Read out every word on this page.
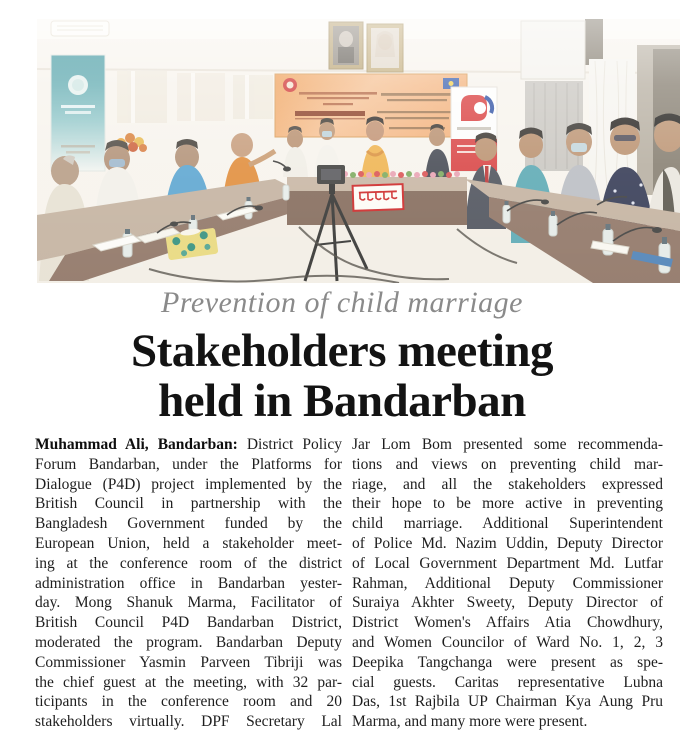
Prevention of child marriage
Stakeholders meeting
held in Bandarban
Muhammad Ali, Bandarban: District Policy
Forum Bandarban, under the Platforms for
Dialogue (P4D) project implemented by the
British Council in partnership with the
Bangladesh Government funded by the
European Union, held a stakeholder meet-
ing at the conference room of the district
administration office in Bandarban yester-
day. Mong Shanuk Marma, Facilitator of
British Council P4D Bandarban District,
moderated the program. Bandarban Deputy
Commissioner Yasmin Parveen Tibriji was
the chief guest at the meeting, with 32 par-
ticipants in the conference room and 20
stakeholders virtually. DPF Secretary Lal
Jar Lom Bom presented some recommenda-
tions and views on preventing child mar-
riage, and all the stakeholders expressed
their hope to be more active in preventing
child marriage. Additional Superintendent
of Police Md. Nazim Uddin, Deputy Director
of Local Government Department Md. Lutfar
Rahman, Additional Deputy Commissioner
Suraiya Akhter Sweety, Deputy Director of
District Women's Affairs Atia Chowdhury,
and Women Councilor of Ward No. 1, 2, 3
Deepika Tangchanga were present as spe-
cial guests. Caritas representative Lubna
Das, 1st Rajbila UP Chairman Kya Aung Pru
Marma, and many more were present.
